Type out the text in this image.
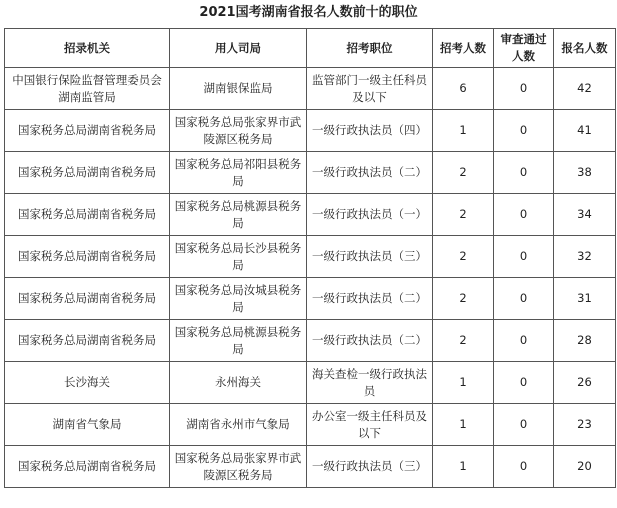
2021国考湖南省报名人数前十的职位
招录机关	用人司局	招考职位	招考人数	审查通过人数	报名人数
中国银行保险监督管理委员会湖南监管局	湖南银保监局	监管部门一级主任科员及以下	6	0	42
国家税务总局湖南省税务局	国家税务总局张家界市武陵源区税务局	一级行政执法员（四）	1	0	41
国家税务总局湖南省税务局	国家税务总局祁阳县税务局	一级行政执法员（二）	2	0	38
国家税务总局湖南省税务局	国家税务总局桃源县税务局	一级行政执法员（一）	2	0	34
国家税务总局湖南省税务局	国家税务总局长沙县税务局	一级行政执法员（三）	2	0	32
国家税务总局湖南省税务局	国家税务总局汝城县税务局	一级行政执法员（二）	2	0	31
国家税务总局湖南省税务局	国家税务总局桃源县税务局	一级行政执法员（二）	2	0	28
长沙海关	永州海关	海关查检一级行政执法员	1	0	26
湖南省气象局	湖南省永州市气象局	办公室一级主任科员及以下	1	0	23
国家税务总局湖南省税务局	国家税务总局张家界市武陵源区税务局	一级行政执法员（三）	1	0	20
